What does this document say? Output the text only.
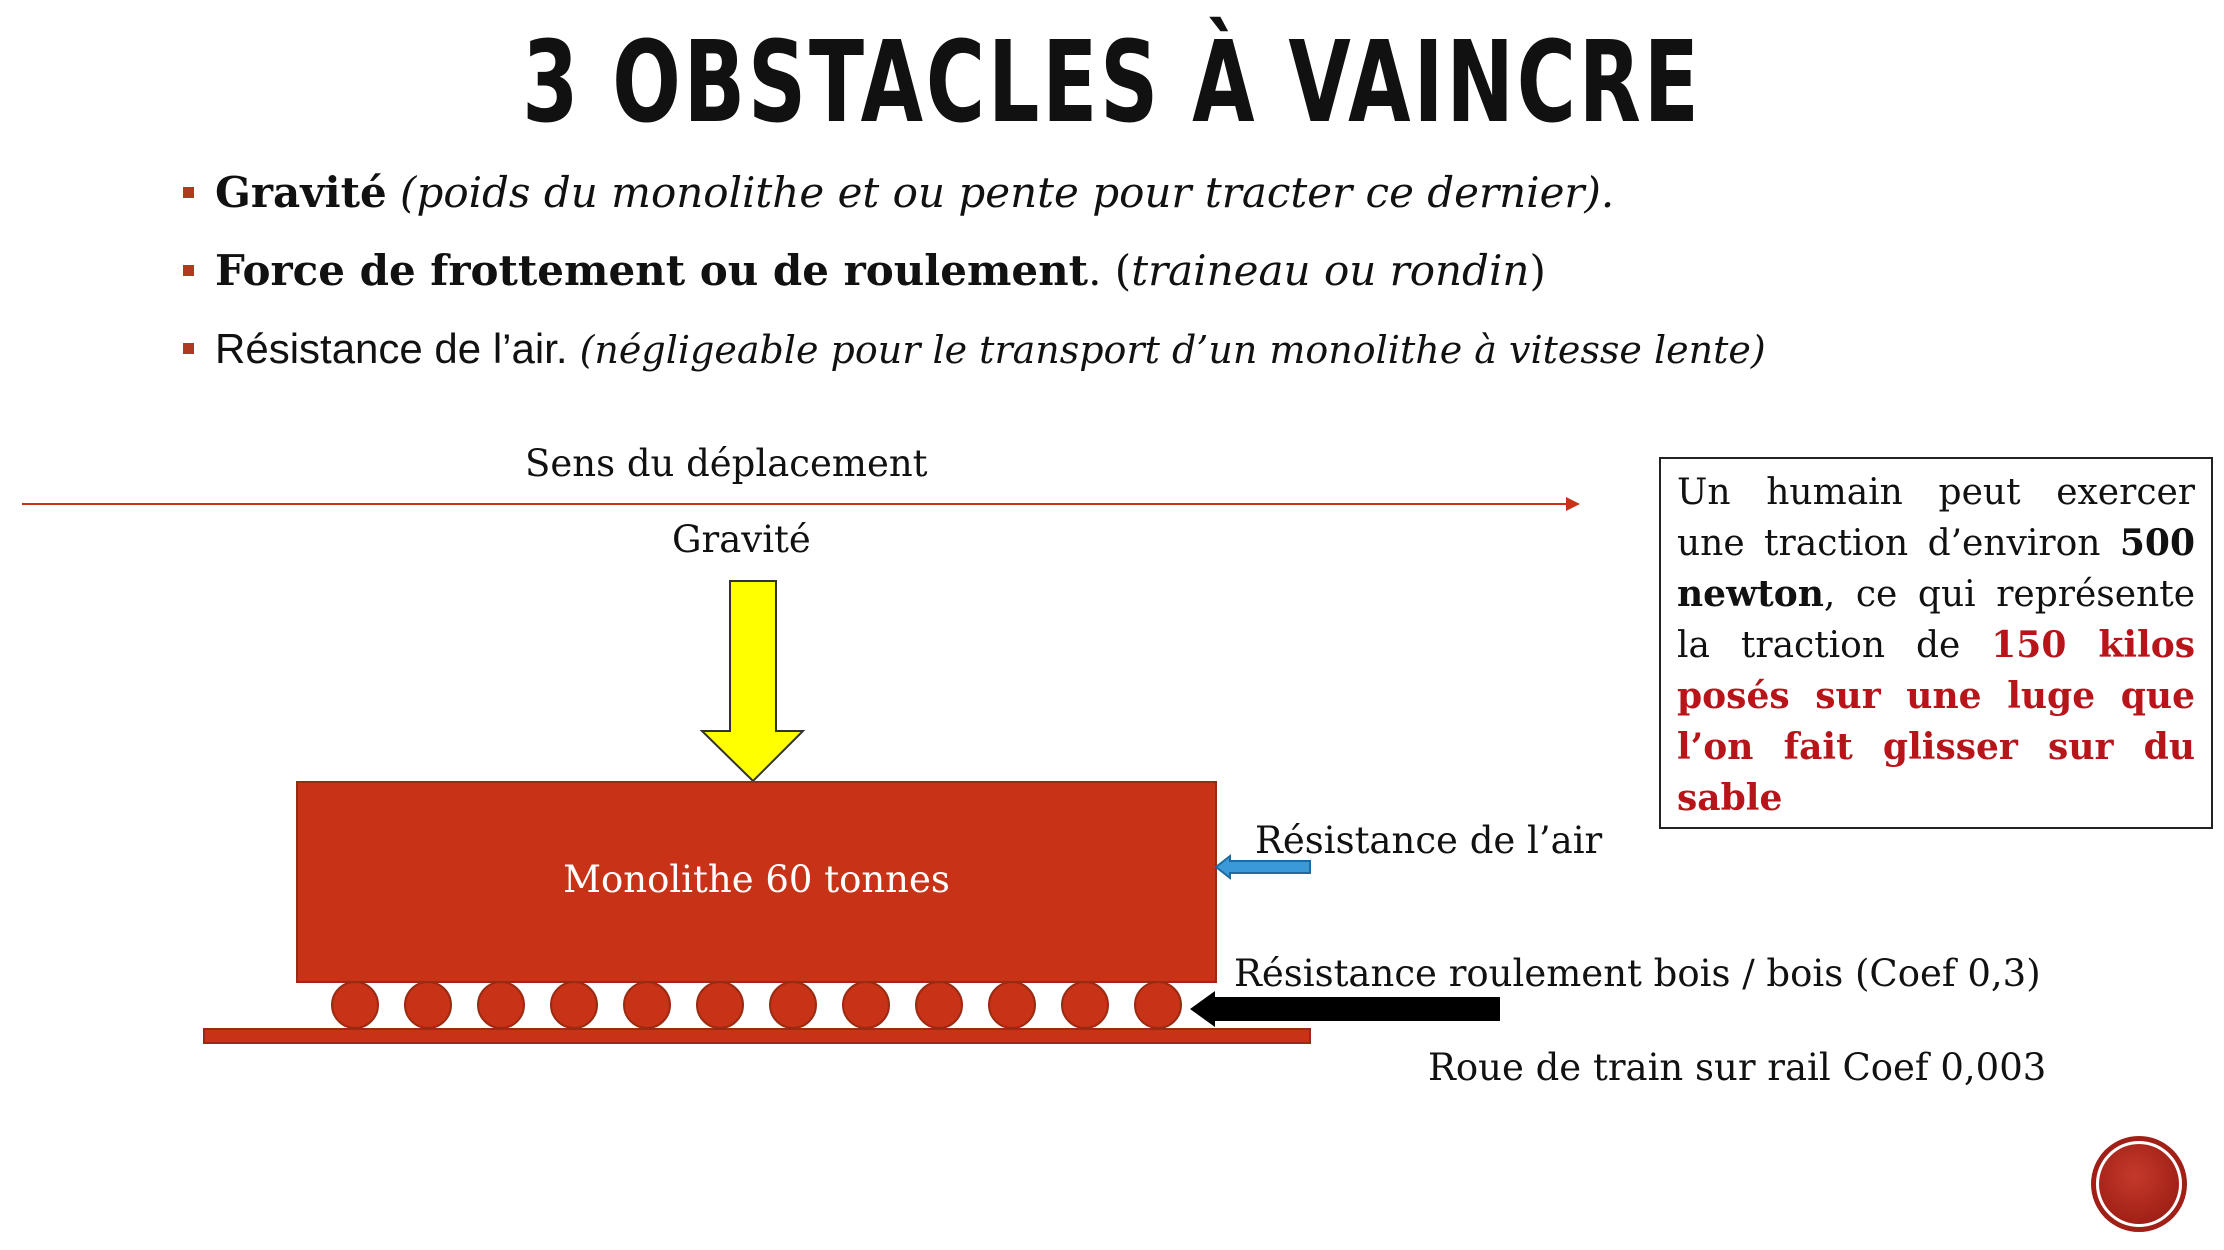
3 OBSTACLES À VAINCRE
Gravité (poids du monolithe et ou pente pour tracter ce dernier).
Force de frottement ou de roulement. (traineau ou rondin)
Résistance de l’air. (négligeable pour le transport d’un monolithe à vitesse lente)
Sens du déplacement
Gravité
Monolithe 60 tonnes
Résistance de l’air
Résistance roulement bois / bois (Coef 0,3)
Roue de train sur rail Coef 0,003
Un humain peut exercer une traction d’environ 500 newton, ce qui représente la traction de 150 kilos posés sur une luge que l’on fait glisser sur du sable
